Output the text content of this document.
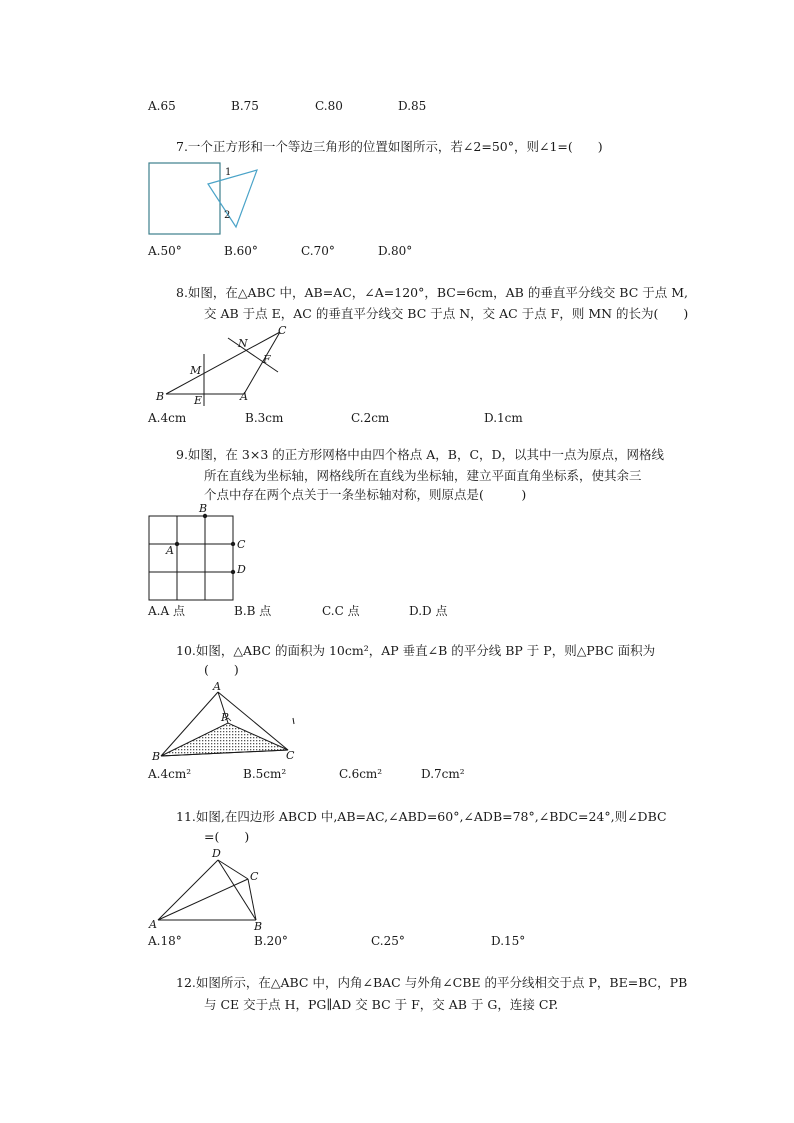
A.65	B.75	C.80	D.85
7.一个正方形和一个等边三角形的位置如图所示，若∠2=50°，则∠1=(　　)
1
2
A.50°	B.60°	C.70°	D.80°
8.如图，在△ABC 中，AB=AC，∠A=120°，BC=6cm，AB 的垂直平分线交 BC 于点 M,
交 AB 于点 E，AC 的垂直平分线交 BC 于点 N，交 AC 于点 F，则 MN 的长为(　　)
C
N
F
M
B	E	A
A.4cm	B.3cm	C.2cm	D.1cm
9.如图，在 3×3 的正方形网格中由四个格点 A，B，C，D，以其中一点为原点，网格线
所在直线为坐标轴，网格线所在直线为坐标轴，建立平面直角坐标系，使其余三
个点中存在两个点关于一条坐标轴对称，则原点是(　　　)
B
A	C
D
A.A 点	B.B 点	C.C 点	D.D 点
10.如图，△ABC 的面积为 10cm²，AP 垂直∠B 的平分线 BP 于 P，则△PBC 面积为
(　　)
A
P
B	C
A.4cm²	B.5cm²	C.6cm²	D.7cm²
11.如图,在四边形 ABCD 中,AB=AC,∠ABD=60°,∠ADB=78°,∠BDC=24°,则∠DBC
=(　　)
D
C
A	B
A.18°	B.20°	C.25°	D.15°
12.如图所示，在△ABC 中，内角∠BAC 与外角∠CBE 的平分线相交于点 P，BE=BC，PB
与 CE 交于点 H，PG∥AD 交 BC 于 F，交 AB 于 G，连接 CP.
